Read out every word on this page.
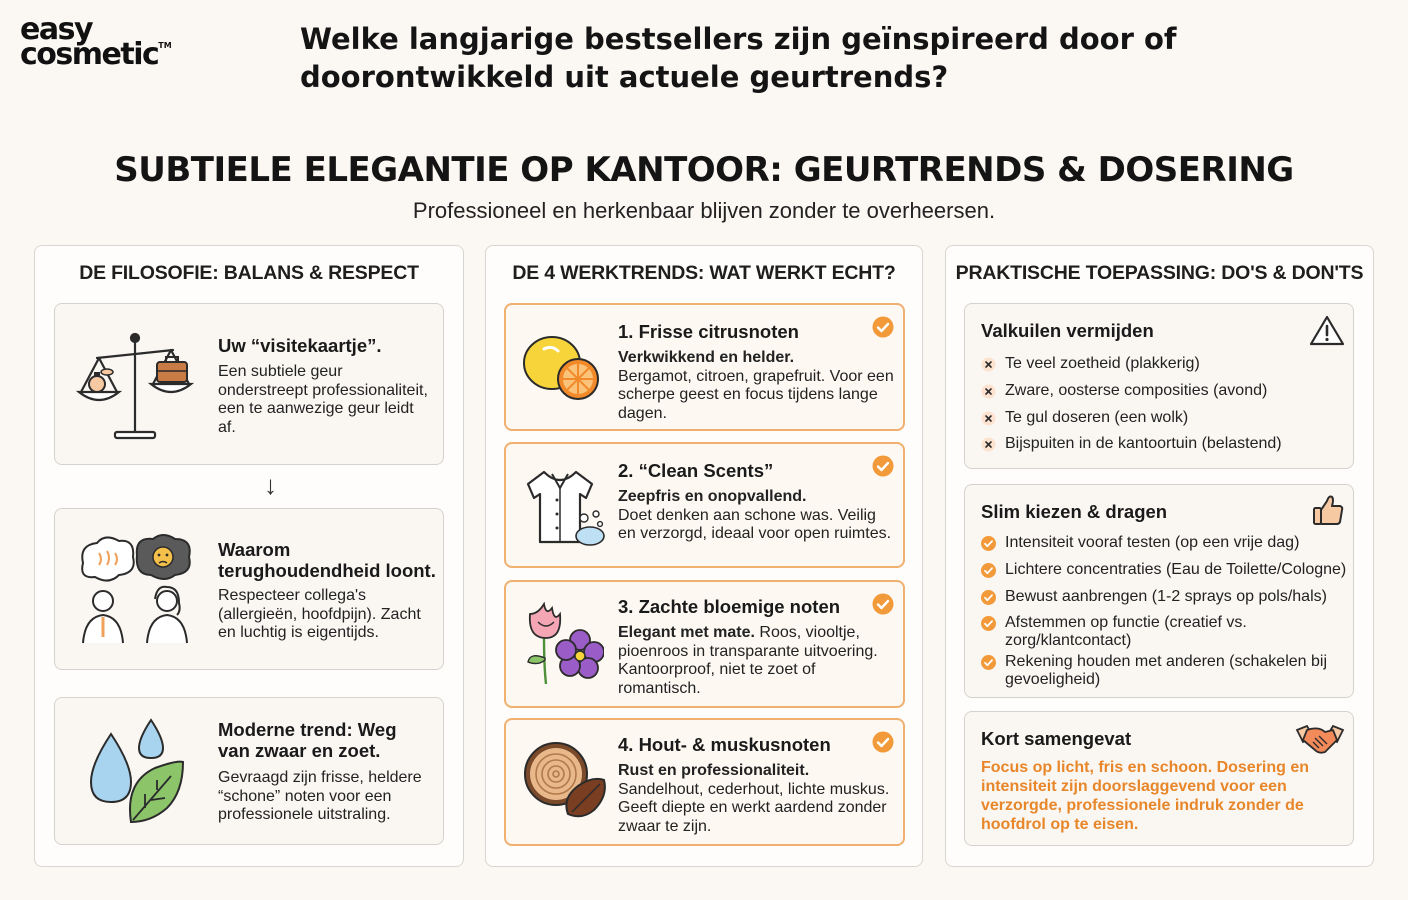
easy
cosmetic™	Welke langjarige bestsellers zijn geïnspireerd door of doorontwikkeld uit actuele geurtrends?
SUBTIELE ELEGANTIE OP KANTOOR: GEURTRENDS & DOSERING
Professioneel en herkenbaar blijven zonder te overheersen.
DE FILOSOFIE: BALANS & RESPECT
Uw “visitekaartje”.
Een subtiele geur onderstreept professionaliteit, een te aanwezige geur leidt af.
↓
Waarom terughoudendheid loont.
Respecteer collega's (allergieën, hoofdpijn). Zacht en luchtig is eigentijds.
Moderne trend: Weg van zwaar en zoet.
Gevraagd zijn frisse, heldere “schone” noten voor een professionele uitstraling.
DE 4 WERKTRENDS: WAT WERKT ECHT?
1. Frisse citrusnoten
Verkwikkend en helder.
Bergamot, citroen, grapefruit. Voor een scherpe geest en focus tijdens lange dagen.
2. “Clean Scents”
Zeepfris en onopvallend.
Doet denken aan schone was. Veilig en verzorgd, ideaal voor open ruimtes.
3. Zachte bloemige noten
Elegant met mate. Roos, viooltje, pioenroos in transparante uitvoering. Kantoorproof, niet te zoet of romantisch.
4. Hout- & muskusnoten
Rust en professionaliteit.
Sandelhout, cederhout, lichte muskus. Geeft diepte en werkt aardend zonder zwaar te zijn.
PRAKTISCHE TOEPASSING: DO'S & DON'TS
Valkuilen vermijden
Te veel zoetheid (plakkerig)
Zware, oosterse composities (avond)
Te gul doseren (een wolk)
Bijspuiten in de kantoortuin (belastend)
Slim kiezen & dragen
Intensiteit vooraf testen (op een vrije dag)
Lichtere concentraties (Eau de Toilette/Cologne)
Bewust aanbrengen (1-2 sprays op pols/hals)
Afstemmen op functie (creatief vs. zorg/klantcontact)
Rekening houden met anderen (schakelen bij gevoeligheid)
Kort samengevat
Focus op licht, fris en schoon. Dosering en intensiteit zijn doorslaggevend voor een verzorgde, professionele indruk zonder de hoofdrol op te eisen.
